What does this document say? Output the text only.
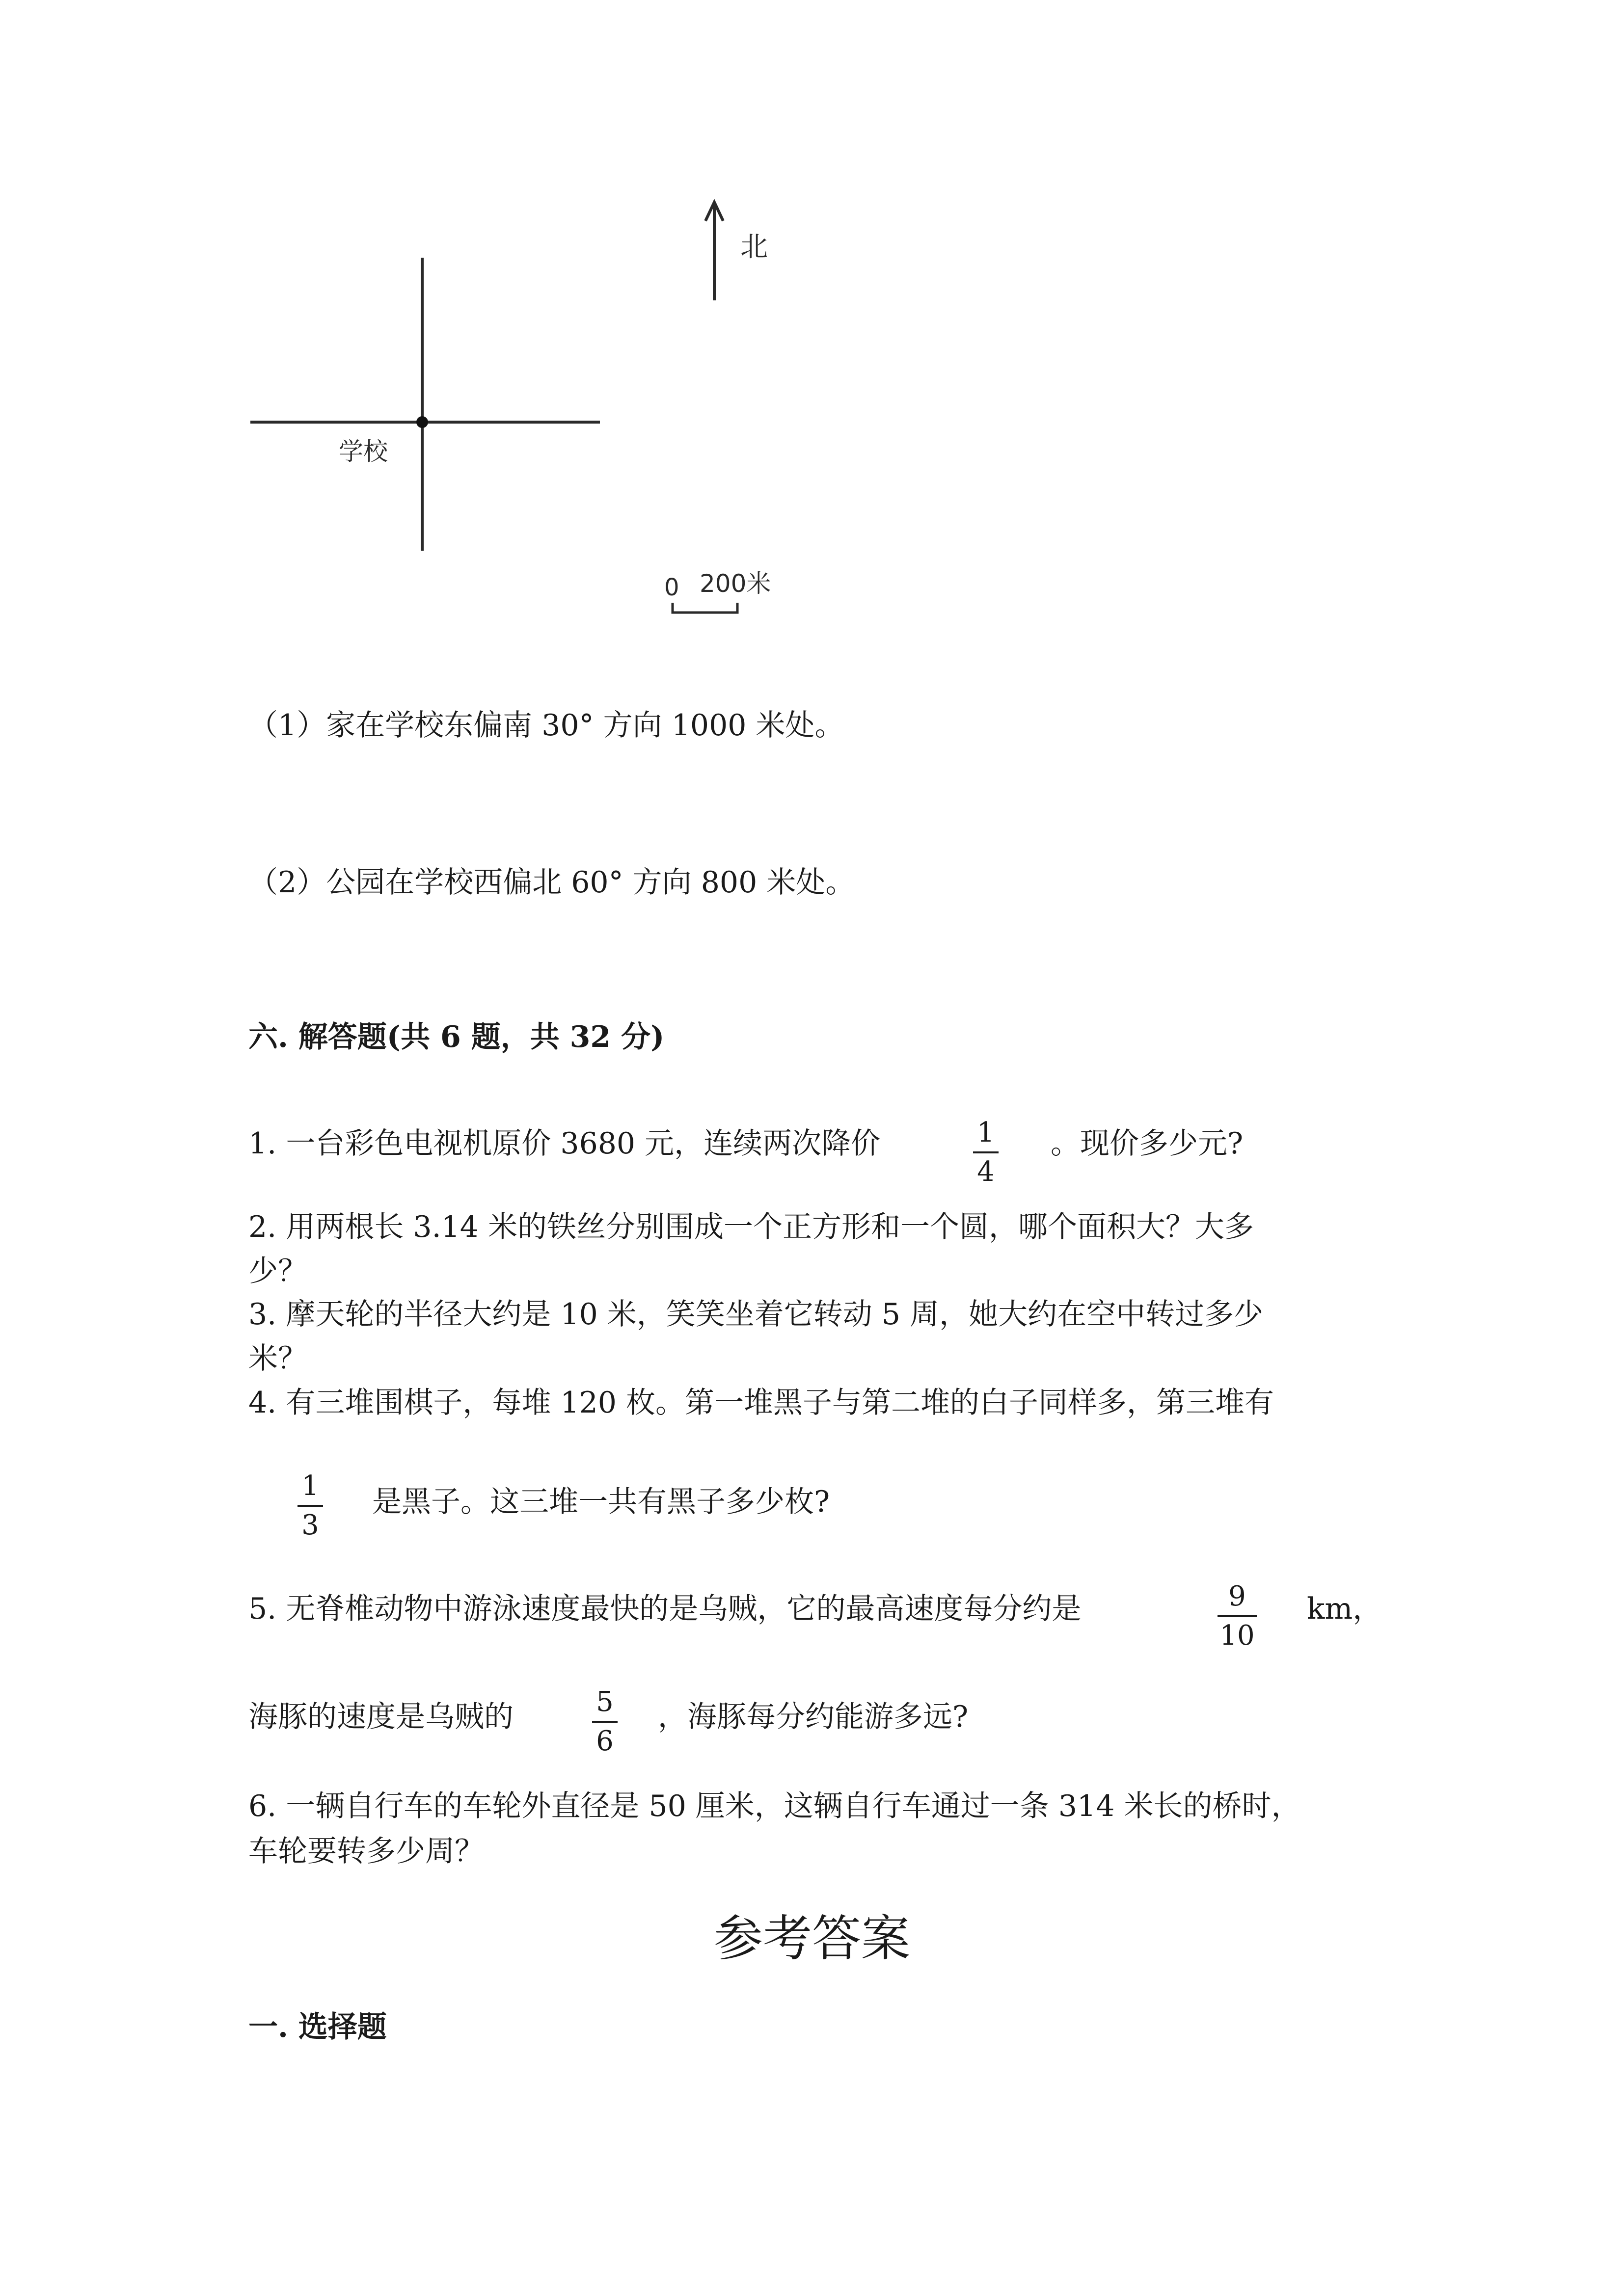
北
学校
0 200米
（1）家在学校东偏南 30° 方向 1000 米处。
（2）公园在学校西偏北 60° 方向 800 米处。
六. 解答题(共 6 题，共 32 分)
1. 一台彩色电视机原价 3680 元，连续两次降价	1
4
。现价多少元?
2. 用两根长 3.14 米的铁丝分别围成一个正方形和一个圆，哪个面积大？大多
少？
3. 摩天轮的半径大约是 10 米，笑笑坐着它转动 5 周，她大约在空中转过多少
米？
4. 有三堆围棋子，每堆 120 枚。第一堆黑子与第二堆的白子同样多，第三堆有
1
3
是黑子。这三堆一共有黑子多少枚?
5. 无脊椎动物中游泳速度最快的是乌贼，它的最高速度每分约是	9
10
km，
海豚的速度是乌贼的	5
6
，海豚每分约能游多远?
6. 一辆自行车的车轮外直径是 50 厘米，这辆自行车通过一条 314 米长的桥时，
车轮要转多少周？
参考答案
一. 选择题
